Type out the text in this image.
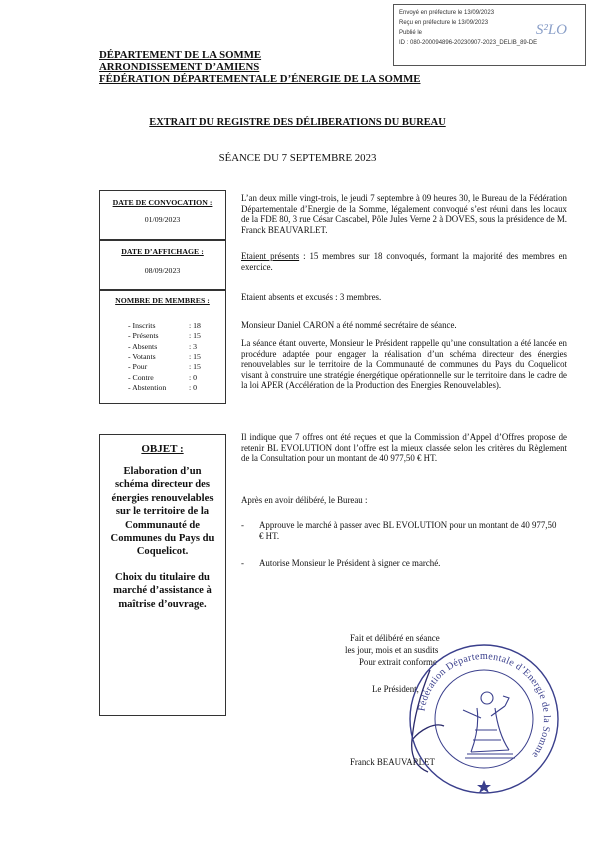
Envoyé en préfecture le 13/09/2023
Reçu en préfecture le 13/09/2023
Publié le
ID : 080-200094896-20230907-2023_DELIB_89-DE
S²LO
DÉPARTEMENT DE LA SOMME
ARRONDISSEMENT D’AMIENS
FÉDÉRATION DÉPARTEMENTALE D’ÉNERGIE DE LA SOMME
EXTRAIT DU REGISTRE DES DÉLIBERATIONS DU BUREAU
SÉANCE DU 7 SEPTEMBRE 2023
DATE DE CONVOCATION :
01/09/2023
DATE D’AFFICHAGE :
08/09/2023
NOMBRE DE MEMBRES :
- Inscrits	: 18
- Présents	: 15
- Absents	: 3
- Votants	: 15
- Pour	: 15
- Contre	: 0
- Abstention	: 0
OBJET :
Elaboration d’un schéma directeur des énergies renouvelables sur le territoire de la Communauté de Communes du Pays du Coquelicot.
Choix du titulaire du marché d’assistance à maîtrise d’ouvrage.
L’an deux mille vingt-trois, le jeudi 7 septembre à 09 heures 30, le Bureau de la Fédération Départementale d’Energie de la Somme, légalement convoqué s’est réuni dans les locaux de la FDE 80, 3 rue César Cascabel, Pôle Jules Verne 2 à DOVES, sous la présidence de M. Franck BEAUVARLET.
Etaient présents : 15 membres sur 18 convoqués, formant la majorité des membres en exercice.
Etaient absents et excusés : 3 membres.
Monsieur Daniel CARON a été nommé secrétaire de séance.
La séance étant ouverte, Monsieur le Président rappelle qu’une consultation a été lancée en procédure adaptée pour engager la réalisation d’un schéma directeur des énergies renouvelables sur le territoire de la Communauté de communes du Pays du Coquelicot visant à construire une stratégie énergétique opérationnelle sur le territoire dans le cadre de la loi APER (Accélération de la Production des Energies Renouvelables).
Il indique que 7 offres ont été reçues et que la Commission d’Appel d’Offres propose de retenir BL EVOLUTION dont l’offre est la mieux classée selon les critères du Règlement de la Consultation pour un montant de 40 977,50 € HT.
Après en avoir délibéré, le Bureau :
- Approuve le marché à passer avec BL EVOLUTION pour un montant de 40 977,50 € HT.
- Autorise Monsieur le Président à signer ce marché.
Fait et délibéré en séance
les jour, mois et an susdits
Pour extrait conforme
Le Président,
Franck BEAUVARLET
Fédération Départementale d’Energie de la Somme
